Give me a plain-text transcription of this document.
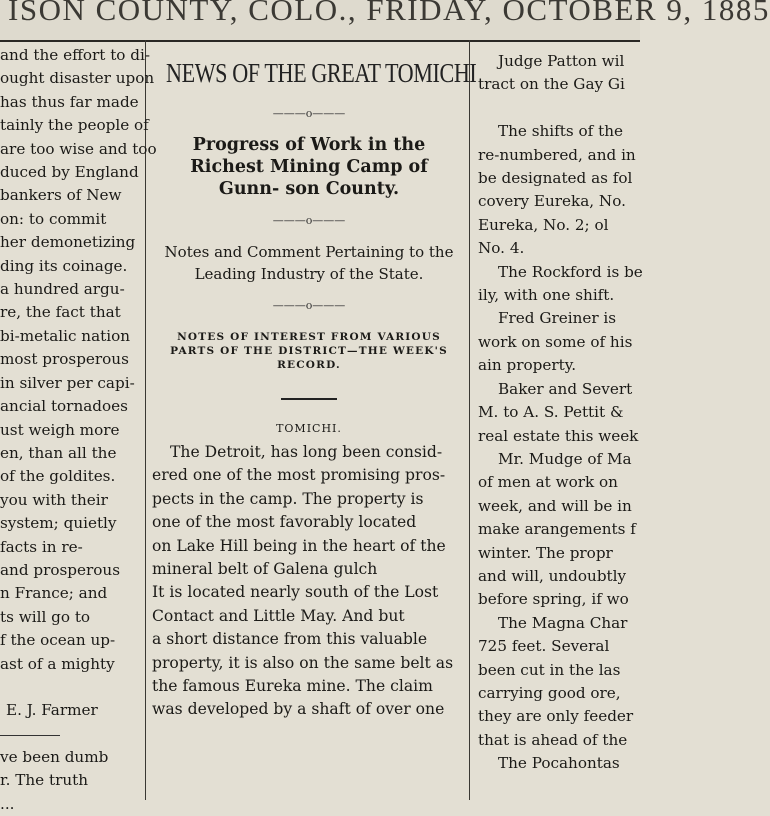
ISON COUNTY, COLO., FRIDAY, OCTOBER 9, 1885

and the effort to di-

ought disaster upon

has thus far made

tainly the people of

are too wise and too

duced by England

bankers of New

on: to commit

her demonetizing

ding its coinage.

a hundred argu-

re, the fact that

bi-metalic nation

most prosperous

in silver per capi-

ancial tornadoes

ust weigh more

en, than all the

of the goldites.

you with their

system; quietly

facts in re-

and prosperous

n France; and

ts will go to

f the ocean up-

ast of a mighty

E. J. Farmer

ve been dumb

r. The truth

...

NEWS OF THE GREAT TOMICHI
———o———
Progress of Work in the Richest Mining Camp of Gunn- son County.
———o———
Notes and Comment Pertaining to the Leading Industry of the State.
———o———
NOTES OF INTEREST FROM VARIOUS PARTS OF THE DISTRICT—THE WEEK'S RECORD.
TOMICHI.

The Detroit, has long been consid-

ered one of the most promising pros-

pects in the camp. The property is

one of the most favorably located

on Lake Hill being in the heart of the

mineral belt of Galena gulch

It is located nearly south of the Lost

Contact and Little May. And but

a short distance from this valuable

property, it is also on the same belt as

the famous Eureka mine. The claim

was developed by a shaft of over one

Judge Patton wil

tract on the Gay Gi

The shifts of the

re-numbered, and in

be designated as fol

covery Eureka, No.

Eureka, No. 2; ol

No. 4.

The Rockford is be

ily, with one shift.

Fred Greiner is

work on some of his

ain property.

Baker and Severt

M. to A. S. Pettit &

real estate this week

Mr. Mudge of Ma

of men at work on

week, and will be in

make arangements f

winter. The propr

and will, undoubtly

before spring, if wo

The Magna Char

725 feet. Several

been cut in the las

carrying good ore,

they are only feeder

that is ahead of the

The Pocahontas
